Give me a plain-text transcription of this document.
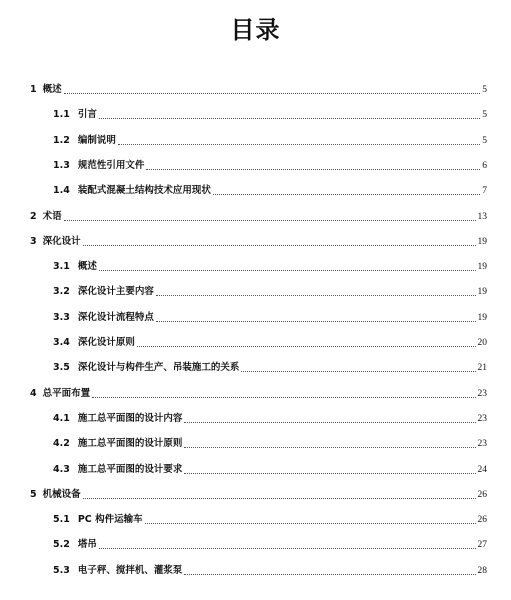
目录
1 概述	5
1.1 引言	5
1.2 编制说明	5
1.3 规范性引用文件	6
1.4 装配式混凝土结构技术应用现状	7
2 术语	13
3 深化设计	19
3.1 概述	19
3.2 深化设计主要内容	19
3.3 深化设计流程特点	19
3.4 深化设计原则	20
3.5 深化设计与构件生产、吊装施工的关系	21
4 总平面布置	23
4.1 施工总平面图的设计内容	23
4.2 施工总平面图的设计原则	23
4.3 施工总平面图的设计要求	24
5 机械设备	26
5.1 PC 构件运输车	26
5.2 塔吊	27
5.3 电子秤、搅拌机、灌浆泵	28
